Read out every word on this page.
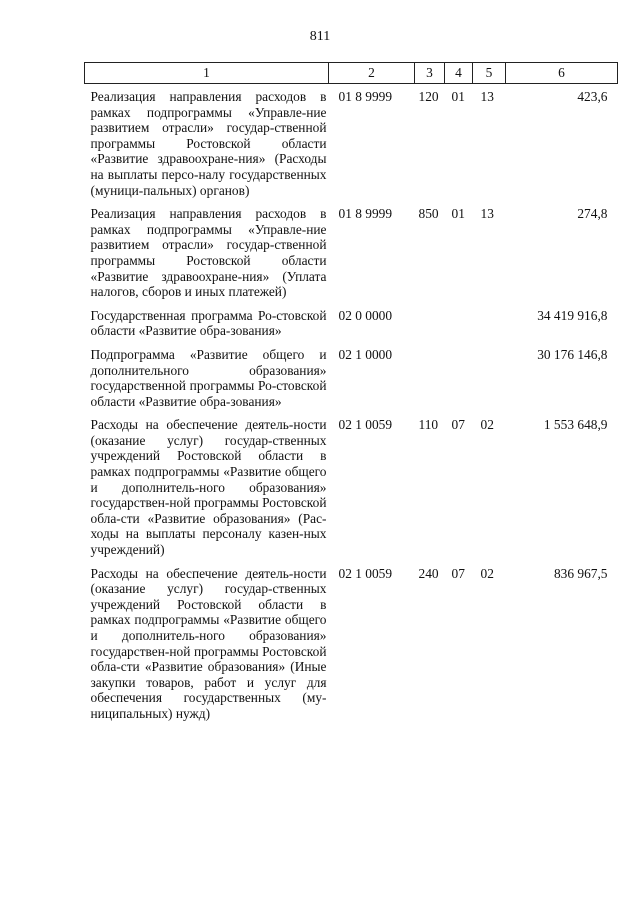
811
1	2	3	4	5	6
Реализация направления расходов в рамках подпрограммы «Управле-ние развитием отрасли» государ-ственной программы Ростовской области «Развитие здравоохране-ния» (Расходы на выплаты персо-налу государственных (муници-пальных) органов)	01 8 9999	120	01	13	423,6
Реализация направления расходов в рамках подпрограммы «Управле-ние развитием отрасли» государ-ственной программы Ростовской области «Развитие здравоохране-ния» (Уплата налогов, сборов и иных платежей)	01 8 9999	850	01	13	274,8
Государственная программа Ро-стовской области «Развитие обра-зования»	02 0 0000				34 419 916,8
Подпрограмма «Развитие общего и дополнительного образования» государственной программы Ро-стовской области «Развитие обра-зования»	02 1 0000				30 176 146,8
Расходы на обеспечение деятель-ности (оказание услуг) государ-ственных учреждений Ростовской области в рамках подпрограммы «Развитие общего и дополнитель-ного образования» государствен-ной программы Ростовской обла-сти «Развитие образования» (Рас-ходы на выплаты персоналу казен-ных учреждений)	02 1 0059	110	07	02	1 553 648,9
Расходы на обеспечение деятель-ности (оказание услуг) государ-ственных учреждений Ростовской области в рамках подпрограммы «Развитие общего и дополнитель-ного образования» государствен-ной программы Ростовской обла-сти «Развитие образования» (Иные закупки товаров, работ и услуг для обеспечения государственных (му-ниципальных) нужд)	02 1 0059	240	07	02	836 967,5
